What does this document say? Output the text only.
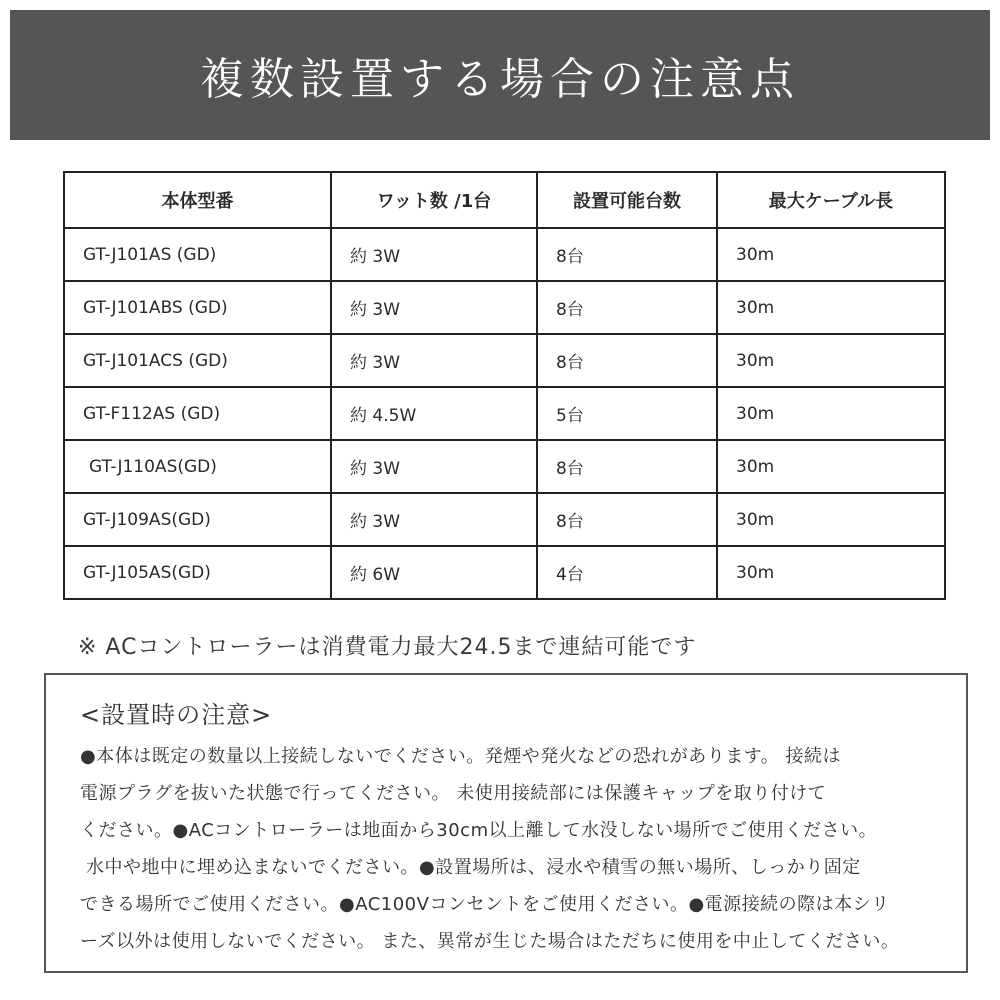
複数設置する場合の注意点
本体型番	ワット数 /1台	設置可能台数	最大ケーブル長
GT-J101AS (GD)	約 3W	8台	30m
GT-J101ABS (GD)	約 3W	8台	30m
GT-J101ACS (GD)	約 3W	8台	30m
GT-F112AS (GD)	約 4.5W	5台	30m
GT-J110AS(GD)	約 3W	8台	30m
GT-J109AS(GD)	約 3W	8台	30m
GT-J105AS(GD)	約 6W	4台	30m
※ ACコントローラーは消費電力最大24.5まで連結可能です
<設置時の注意>
●本体は既定の数量以上接続しないでください。発煙や発火などの恐れがあります。 接続は
電源プラグを抜いた状態で行ってください。 未使用接続部には保護キャップを取り付けて
ください。●ACコントローラーは地面から30cm以上離して水没しない場所でご使用ください。
水中や地中に埋め込まないでください。●設置場所は、浸水や積雪の無い場所、しっかり固定
できる場所でご使用ください。●AC100Vコンセントをご使用ください。●電源接続の際は本シリ
ーズ以外は使用しないでください。 また、異常が生じた場合はただちに使用を中止してください。
